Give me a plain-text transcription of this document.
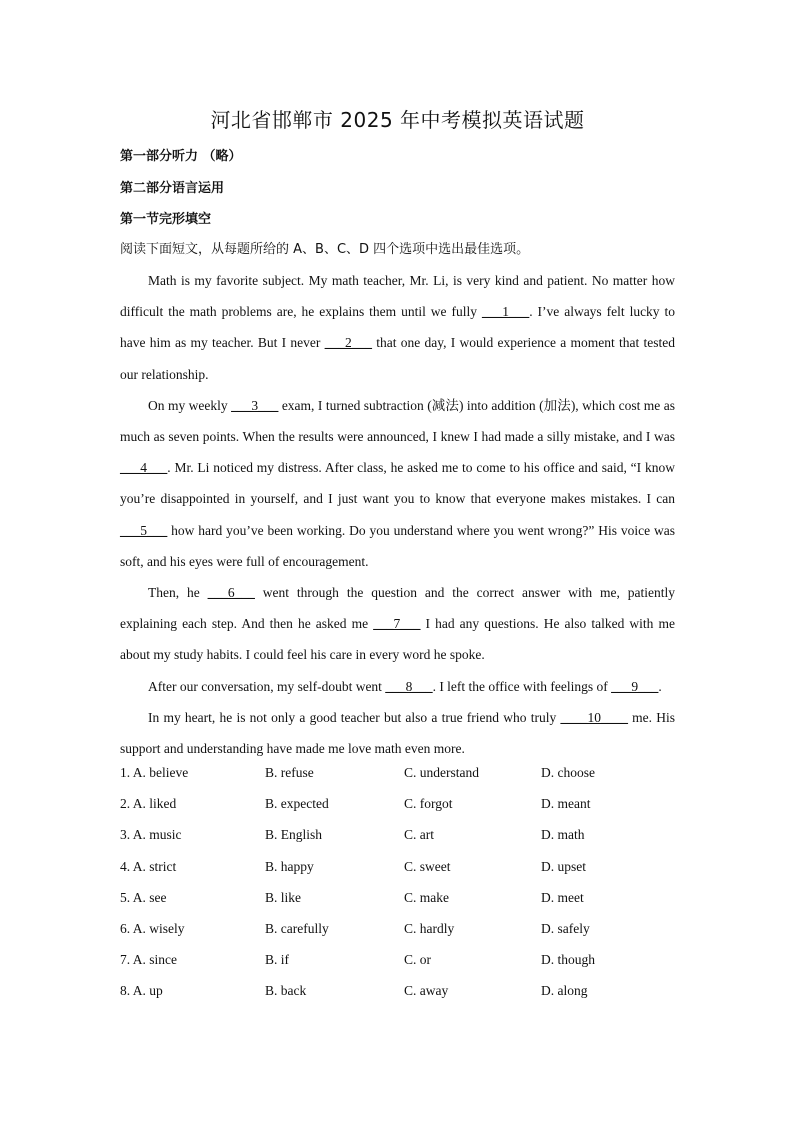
河北省邯郸市 2025 年中考模拟英语试题
第一部分听力 （略）
第二部分语言运用
第一节完形填空
阅读下面短文，从每题所给的 A、B、C、D 四个选项中选出最佳选项。

Math is my favorite subject. My math teacher, Mr. Li, is very kind and patient. No matter how difficult the math problems are, he explains them until we fully ___1___. I’ve always felt lucky to have him as my teacher. But I never ___2___ that one day, I would experience a moment that tested our relationship.

On my weekly ___3___ exam, I turned subtraction (减法) into addition (加法), which cost me as much as seven points. When the results were announced, I knew I had made a silly mistake, and I was ___4___. Mr. Li noticed my distress. After class, he asked me to come to his office and said, “I know you’re disappointed in yourself, and I just want you to know that everyone makes mistakes. I can ___5___ how hard you’ve been working. Do you understand where you went wrong?” His voice was soft, and his eyes were full of encouragement.

Then, he ___6___ went through the question and the correct answer with me, patiently explaining each step. And then he asked me ___7___ I had any questions. He also talked with me about my study habits. I could feel his care in every word he spoke.

After our conversation, my self-doubt went ___8___. I left the office with feelings of ___9___.

In my heart, he is not only a good teacher but also a true friend who truly ____10____ me. His support and understanding have made me love math even more.

1. A. believe	B. refuse	C. understand	D. choose
2. A. liked	B. expected	C. forgot	D. meant
3. A. music	B. English	C. art	D. math
4. A. strict	B. happy	C. sweet	D. upset
5. A. see	B. like	C. make	D. meet
6. A. wisely	B. carefully	C. hardly	D. safely
7. A. since	B. if	C. or	D. though
8. A. up	B. back	C. away	D. along
